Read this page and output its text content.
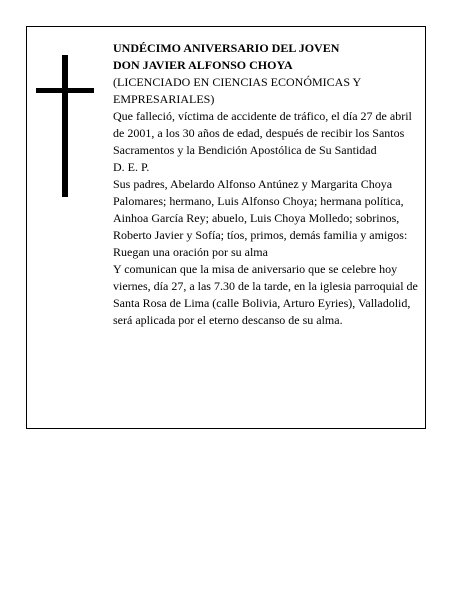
UNDÉCIMO ANIVERSARIO DEL JOVEN

DON JAVIER ALFONSO CHOYA

(LICENCIADO EN CIENCIAS ECONÓMICAS Y EMPRESARIALES)

Que falleció, víctima de accidente de tráfico, el día 27 de abril de 2001, a los 30 años de edad, después de recibir los Santos Sacramentos y la Bendición Apostólica de Su Santidad

D. E. P.

Sus padres, Abelardo Alfonso Antúnez y Margarita Choya Palomares; hermano, Luis Alfonso Choya; hermana política, Ainhoa García Rey; abuelo, Luis Choya Molledo; sobrinos, Roberto Javier y Sofía; tíos, primos, demás familia y amigos:

Ruegan una oración por su alma

Y comunican que la misa de aniversario que se celebre hoy viernes, día 27, a las 7.30 de la tarde, en la iglesia parroquial de Santa Rosa de Lima (calle Bolivia, Arturo Eyries), Valladolid, será aplicada por el eterno descanso de su alma.
